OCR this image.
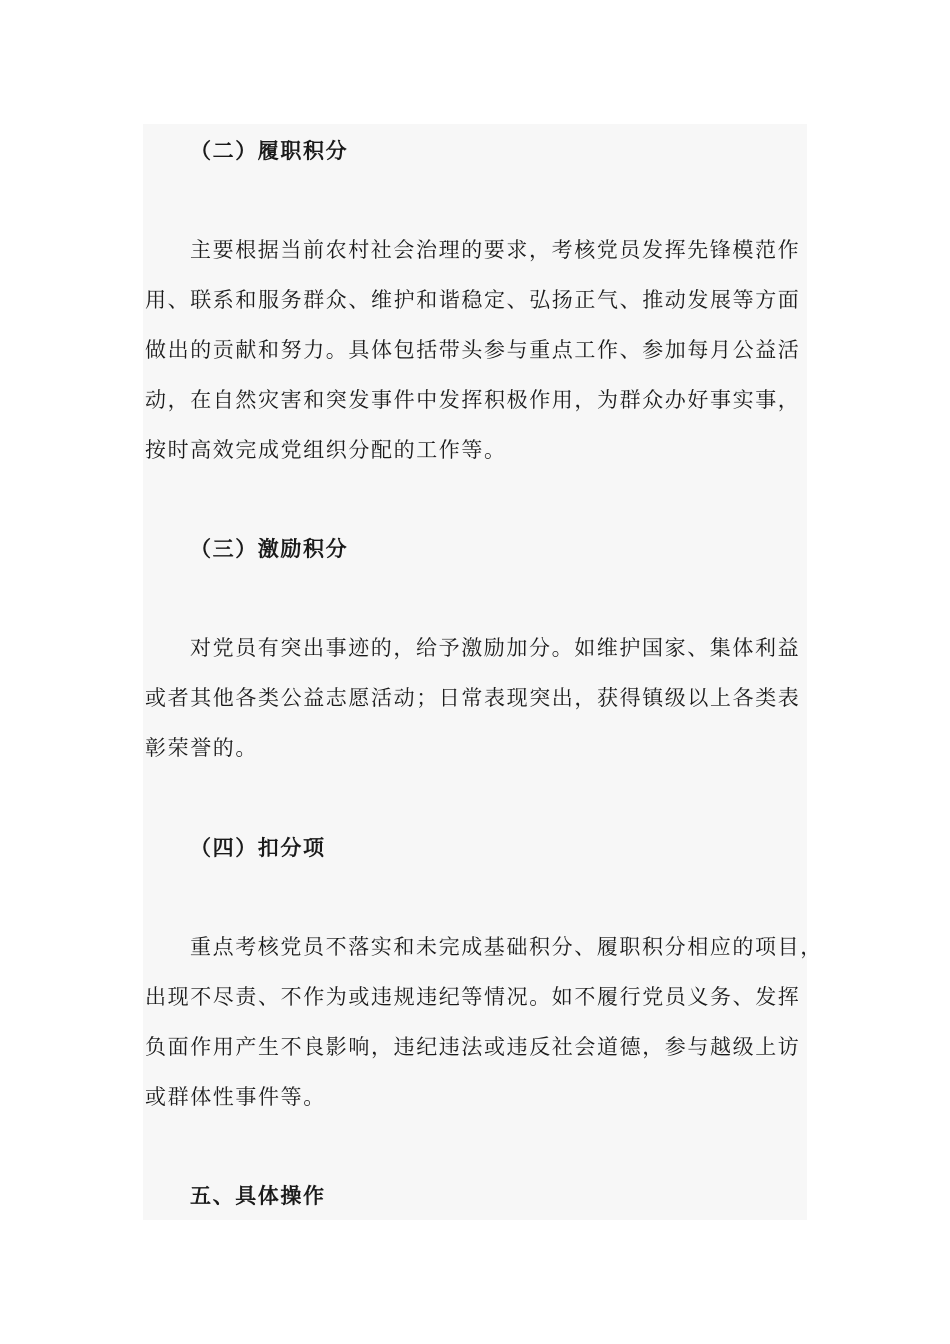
（二）履职积分
主要根据当前农村社会治理的要求，考核党员发挥先锋模范作
用、联系和服务群众、维护和谐稳定、弘扬正气、推动发展等方面
做出的贡献和努力。具体包括带头参与重点工作、参加每月公益活
动，在自然灾害和突发事件中发挥积极作用，为群众办好事实事，
按时高效完成党组织分配的工作等。
（三）激励积分
对党员有突出事迹的，给予激励加分。如维护国家、集体利益
或者其他各类公益志愿活动；日常表现突出，获得镇级以上各类表
彰荣誉的。
（四）扣分项
重点考核党员不落实和未完成基础积分、履职积分相应的项目，
出现不尽责、不作为或违规违纪等情况。如不履行党员义务、发挥
负面作用产生不良影响，违纪违法或违反社会道德，参与越级上访
或群体性事件等。
五、具体操作
